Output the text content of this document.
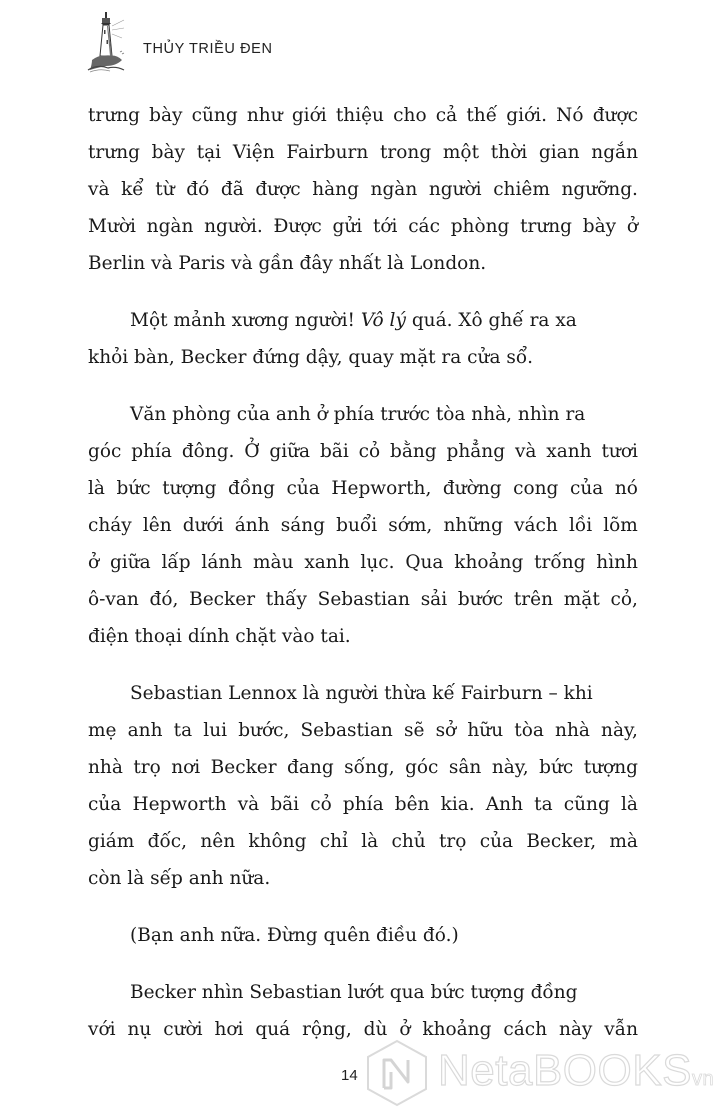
THỦY TRIỀU ĐEN
trưng bày cũng như giới thiệu cho cả thế giới. Nó được
trưng bày tại Viện Fairburn trong một thời gian ngắn
và kể từ đó đã được hàng ngàn người chiêm ngưỡng.
Mười ngàn người. Được gửi tới các phòng trưng bày ở
Berlin và Paris và gần đây nhất là London.
Một mảnh xương người!
Vô lý
quá. Xô ghế ra xa
khỏi bàn, Becker đứng dậy, quay mặt ra cửa sổ.
Văn phòng của anh ở phía trước tòa nhà, nhìn ra
góc phía đông. Ở giữa bãi cỏ bằng phẳng và xanh tươi
là bức tượng đồng của Hepworth, đường cong của nó
cháy lên dưới ánh sáng buổi sớm, những vách lồi lõm
ở giữa lấp lánh màu xanh lục. Qua khoảng trống hình
ô-van đó, Becker thấy Sebastian sải bước trên mặt cỏ,
điện thoại dính chặt vào tai.
Sebastian Lennox là người thừa kế Fairburn – khi
mẹ anh ta lui bước, Sebastian sẽ sở hữu tòa nhà này,
nhà trọ nơi Becker đang sống, góc sân này, bức tượng
của Hepworth và bãi cỏ phía bên kia. Anh ta cũng là
giám đốc, nên không chỉ là chủ trọ của Becker, mà
còn là sếp anh nữa.
(Bạn anh nữa. Đừng quên điều đó.)
Becker nhìn Sebastian lướt qua bức tượng đồng
với nụ cười hơi quá rộng, dù ở khoảng cách này vẫn
14 NetaBOOKSvn
